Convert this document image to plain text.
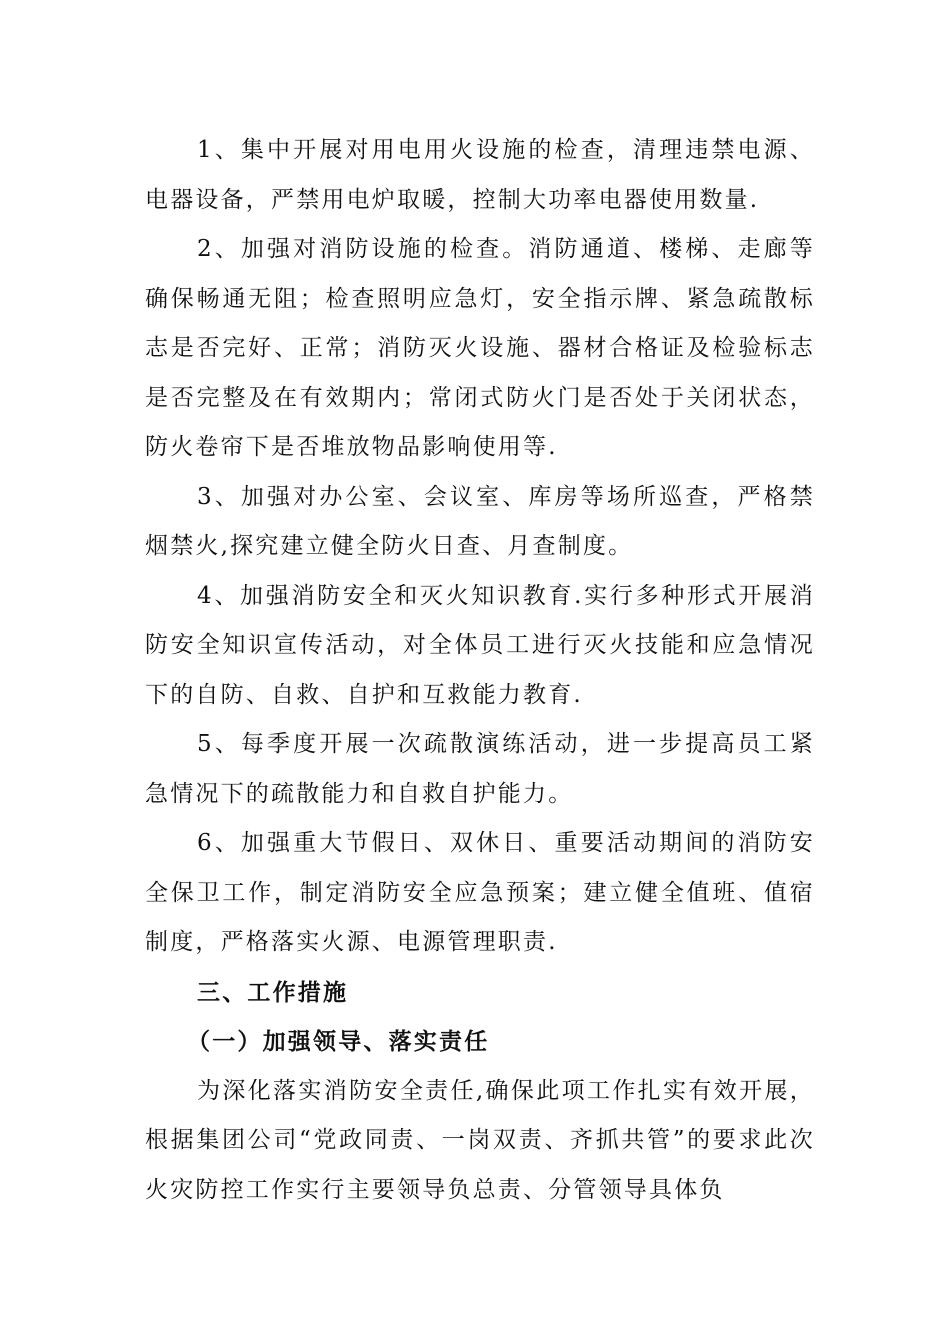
1、集中开展对用电用火设施的检查，清理违禁电源、电器设备，严禁用电炉取暖，控制大功率电器使用数量.

2、加强对消防设施的检查。消防通道、楼梯、走廊等确保畅通无阻；检查照明应急灯，安全指示牌、紧急疏散标志是否完好、正常；消防灭火设施、器材合格证及检验标志是否完整及在有效期内；常闭式防火门是否处于关闭状态，防火卷帘下是否堆放物品影响使用等.

3、加强对办公室、会议室、库房等场所巡查，严格禁烟禁火,探究建立健全防火日查、月查制度。

4、加强消防安全和灭火知识教育.实行多种形式开展消防安全知识宣传活动，对全体员工进行灭火技能和应急情况下的自防、自救、自护和互救能力教育.

5、每季度开展一次疏散演练活动，进一步提高员工紧急情况下的疏散能力和自救自护能力。

6、加强重大节假日、双休日、重要活动期间的消防安全保卫工作，制定消防安全应急预案；建立健全值班、值宿制度，严格落实火源、电源管理职责.

三、工作措施

（一）加强领导、落实责任

为深化落实消防安全责任,确保此项工作扎实有效开展，根据集团公司“党政同责、一岗双责、齐抓共管”的要求此次火灾防控工作实行主要领导负总责、分管领导具体负
